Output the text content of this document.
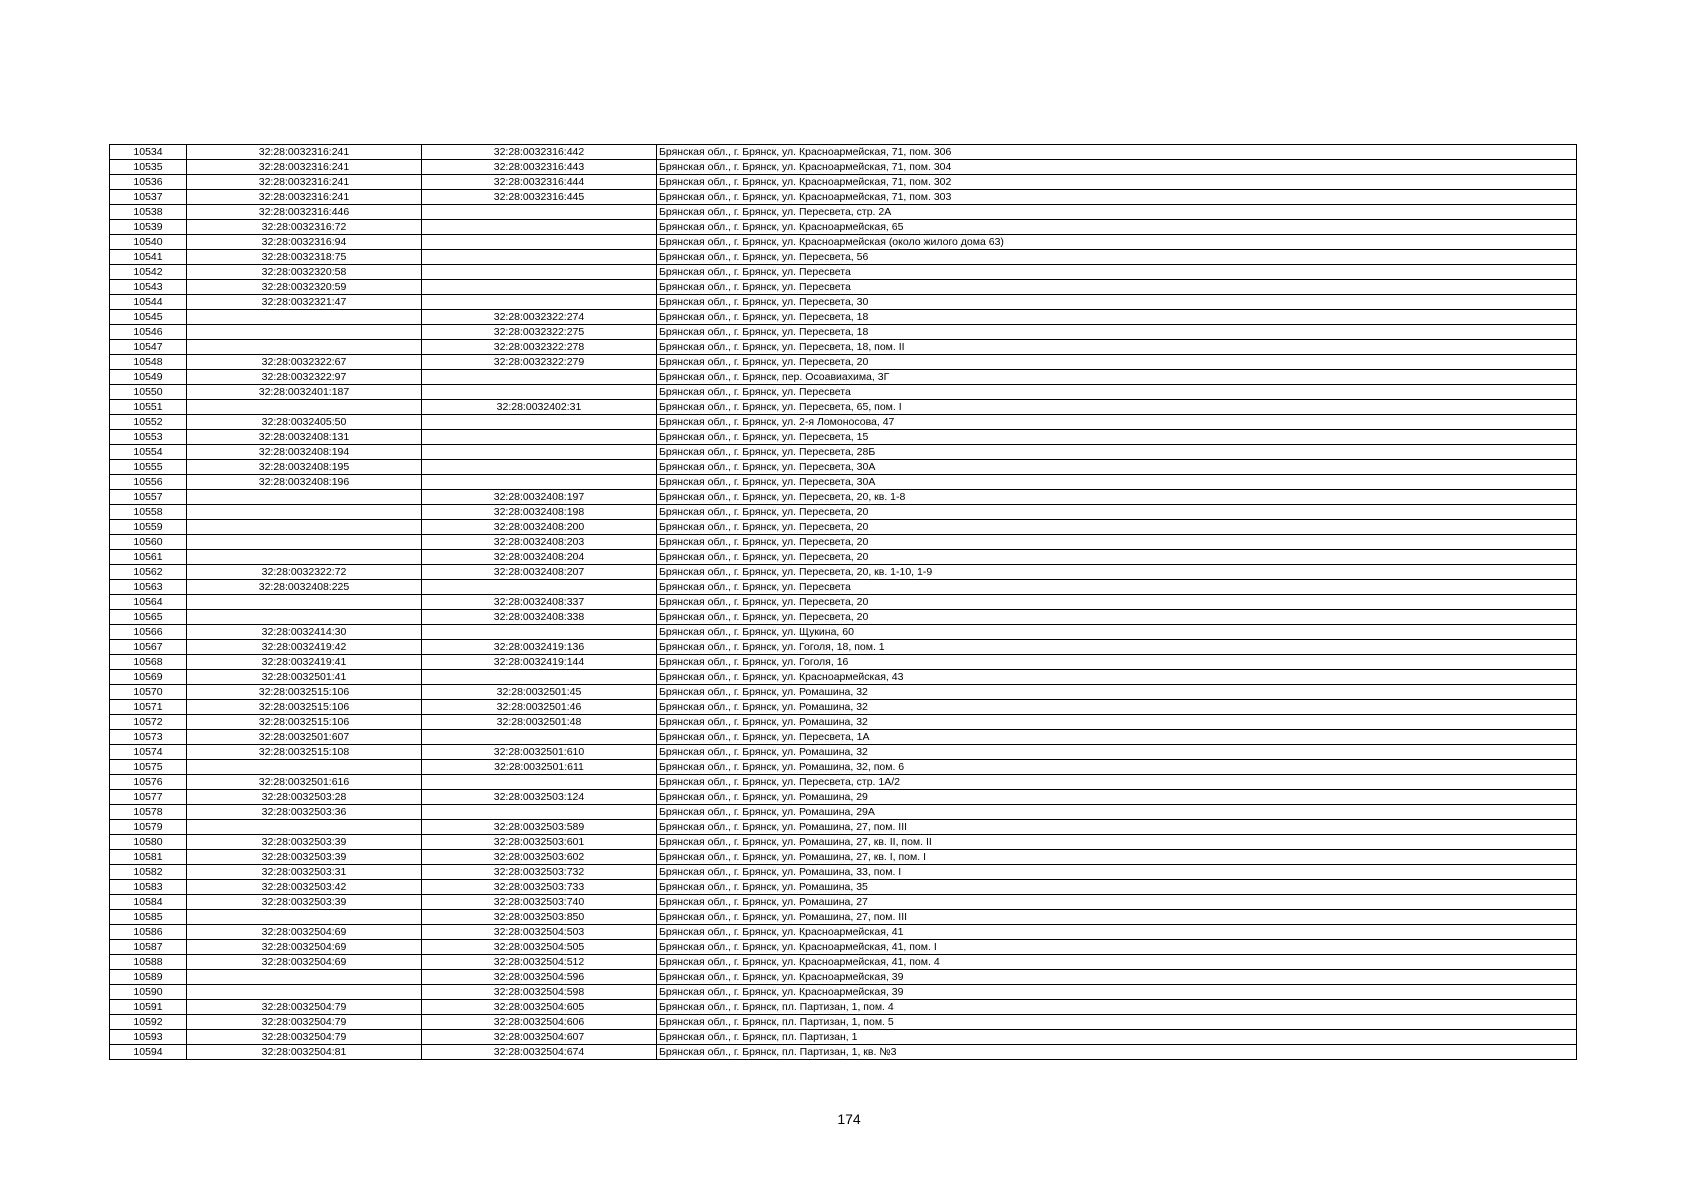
10534	32:28:0032316:241	32:28:0032316:442	Брянская обл., г. Брянск, ул. Красноармейская, 71, пом. 306
10535	32:28:0032316:241	32:28:0032316:443	Брянская обл., г. Брянск, ул. Красноармейская, 71, пом. 304
10536	32:28:0032316:241	32:28:0032316:444	Брянская обл., г. Брянск, ул. Красноармейская, 71, пом. 302
10537	32:28:0032316:241	32:28:0032316:445	Брянская обл., г. Брянск, ул. Красноармейская, 71, пом. 303
10538	32:28:0032316:446		Брянская обл., г. Брянск, ул. Пересвета, стр. 2А
10539	32:28:0032316:72		Брянская обл., г. Брянск, ул. Красноармейская, 65
10540	32:28:0032316:94		Брянская обл., г. Брянск, ул. Красноармейская (около жилого дома 63)
10541	32:28:0032318:75		Брянская обл., г. Брянск, ул. Пересвета, 56
10542	32:28:0032320:58		Брянская обл., г. Брянск, ул. Пересвета
10543	32:28:0032320:59		Брянская обл., г. Брянск, ул. Пересвета
10544	32:28:0032321:47		Брянская обл., г. Брянск, ул. Пересвета, 30
10545		32:28:0032322:274	Брянская обл., г. Брянск, ул. Пересвета, 18
10546		32:28:0032322:275	Брянская обл., г. Брянск, ул. Пересвета, 18
10547		32:28:0032322:278	Брянская обл., г. Брянск, ул. Пересвета, 18, пом. II
10548	32:28:0032322:67	32:28:0032322:279	Брянская обл., г. Брянск, ул. Пересвета, 20
10549	32:28:0032322:97		Брянская обл., г. Брянск, пер. Осоавиахима, 3Г
10550	32:28:0032401:187		Брянская обл., г. Брянск, ул. Пересвета
10551		32:28:0032402:31	Брянская обл., г. Брянск, ул. Пересвета, 65, пом. I
10552	32:28:0032405:50		Брянская обл., г. Брянск, ул. 2-я Ломоносова, 47
10553	32:28:0032408:131		Брянская обл., г. Брянск, ул. Пересвета, 15
10554	32:28:0032408:194		Брянская обл., г. Брянск, ул. Пересвета, 28Б
10555	32:28:0032408:195		Брянская обл., г. Брянск, ул. Пересвета, 30А
10556	32:28:0032408:196		Брянская обл., г. Брянск, ул. Пересвета, 30А
10557		32:28:0032408:197	Брянская обл., г. Брянск, ул. Пересвета, 20, кв. 1-8
10558		32:28:0032408:198	Брянская обл., г. Брянск, ул. Пересвета, 20
10559		32:28:0032408:200	Брянская обл., г. Брянск, ул. Пересвета, 20
10560		32:28:0032408:203	Брянская обл., г. Брянск, ул. Пересвета, 20
10561		32:28:0032408:204	Брянская обл., г. Брянск, ул. Пересвета, 20
10562	32:28:0032322:72	32:28:0032408:207	Брянская обл., г. Брянск, ул. Пересвета, 20, кв. 1-10, 1-9
10563	32:28:0032408:225		Брянская обл., г. Брянск, ул. Пересвета
10564		32:28:0032408:337	Брянская обл., г. Брянск, ул. Пересвета, 20
10565		32:28:0032408:338	Брянская обл., г. Брянск, ул. Пересвета, 20
10566	32:28:0032414:30		Брянская обл., г. Брянск, ул. Щукина, 60
10567	32:28:0032419:42	32:28:0032419:136	Брянская обл., г. Брянск, ул. Гоголя, 18, пом. 1
10568	32:28:0032419:41	32:28:0032419:144	Брянская обл., г. Брянск, ул. Гоголя, 16
10569	32:28:0032501:41		Брянская обл., г. Брянск, ул. Красноармейская, 43
10570	32:28:0032515:106	32:28:0032501:45	Брянская обл., г. Брянск, ул. Ромашина, 32
10571	32:28:0032515:106	32:28:0032501:46	Брянская обл., г. Брянск, ул. Ромашина, 32
10572	32:28:0032515:106	32:28:0032501:48	Брянская обл., г. Брянск, ул. Ромашина, 32
10573	32:28:0032501:607		Брянская обл., г. Брянск, ул. Пересвета, 1А
10574	32:28:0032515:108	32:28:0032501:610	Брянская обл., г. Брянск, ул. Ромашина, 32
10575		32:28:0032501:611	Брянская обл., г. Брянск, ул. Ромашина, 32, пом. 6
10576	32:28:0032501:616		Брянская обл., г. Брянск, ул. Пересвета, стр. 1А/2
10577	32:28:0032503:28	32:28:0032503:124	Брянская обл., г. Брянск, ул. Ромашина, 29
10578	32:28:0032503:36		Брянская обл., г. Брянск, ул. Ромашина, 29А
10579		32:28:0032503:589	Брянская обл., г. Брянск, ул. Ромашина, 27, пом. III
10580	32:28:0032503:39	32:28:0032503:601	Брянская обл., г. Брянск, ул. Ромашина, 27, кв. II, пом. II
10581	32:28:0032503:39	32:28:0032503:602	Брянская обл., г. Брянск, ул. Ромашина, 27, кв. I, пом. I
10582	32:28:0032503:31	32:28:0032503:732	Брянская обл., г. Брянск, ул. Ромашина, 33, пом. I
10583	32:28:0032503:42	32:28:0032503:733	Брянская обл., г. Брянск, ул. Ромашина, 35
10584	32:28:0032503:39	32:28:0032503:740	Брянская обл., г. Брянск, ул. Ромашина, 27
10585		32:28:0032503:850	Брянская обл., г. Брянск, ул. Ромашина, 27, пом. III
10586	32:28:0032504:69	32:28:0032504:503	Брянская обл., г. Брянск, ул. Красноармейская, 41
10587	32:28:0032504:69	32:28:0032504:505	Брянская обл., г. Брянск, ул. Красноармейская, 41, пом. I
10588	32:28:0032504:69	32:28:0032504:512	Брянская обл., г. Брянск, ул. Красноармейская, 41, пом. 4
10589		32:28:0032504:596	Брянская обл., г. Брянск, ул. Красноармейская, 39
10590		32:28:0032504:598	Брянская обл., г. Брянск, ул. Красноармейская, 39
10591	32:28:0032504:79	32:28:0032504:605	Брянская обл., г. Брянск, пл. Партизан, 1, пом. 4
10592	32:28:0032504:79	32:28:0032504:606	Брянская обл., г. Брянск, пл. Партизан, 1, пом. 5
10593	32:28:0032504:79	32:28:0032504:607	Брянская обл., г. Брянск, пл. Партизан, 1
10594	32:28:0032504:81	32:28:0032504:674	Брянская обл., г. Брянск, пл. Партизан, 1, кв. №3
174
